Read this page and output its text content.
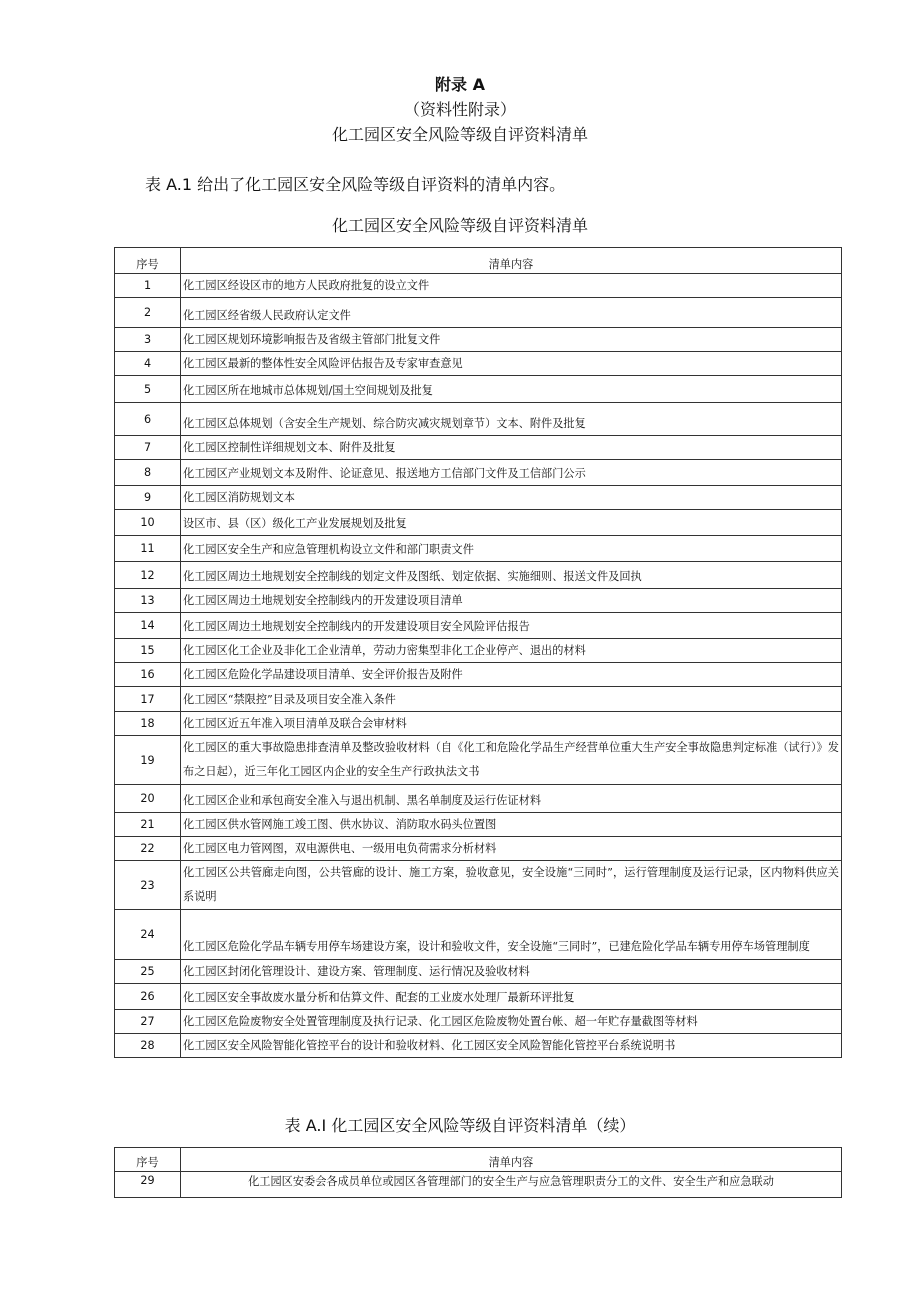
附录 A
（资料性附录）
化工园区安全风险等级自评资料清单
表 A.1 给出了化工园区安全风险等级自评资料的清单内容。
化工园区安全风险等级自评资料清单
序号	清单内容
1	化工园区经设区市的地方人民政府批复的设立文件
2	化工园区经省级人民政府认定文件
3	化工园区规划环境影响报告及省级主管部门批复文件
4	化工园区最新的整体性安全风险评估报告及专家审查意见
5	化工园区所在地城市总体规划/国土空间规划及批复
6	化工园区总体规划（含安全生产规划、综合防灾减灾规划章节）文本、附件及批复
7	化工园区控制性详细规划文本、附件及批复
8	化工园区产业规划文本及附件、论证意见、报送地方工信部门文件及工信部门公示
9	化工园区消防规划文本
10	设区市、县（区）级化工产业发展规划及批复
11	化工园区安全生产和应急管理机构设立文件和部门职责文件
12	化工园区周边土地规划安全控制线的划定文件及图纸、划定依据、实施细则、报送文件及回执
13	化工园区周边土地规划安全控制线内的开发建设项目清单
14	化工园区周边土地规划安全控制线内的开发建设项目安全风险评估报告
15	化工园区化工企业及非化工企业清单，劳动力密集型非化工企业停产、退出的材料
16	化工园区危险化学品建设项目清单、安全评价报告及附件
17	化工园区“禁限控”目录及项目安全准入条件
18	化工园区近五年准入项目清单及联合会审材料
19	化工园区的重大事故隐患排查清单及整改验收材料（自《化工和危险化学品生产经营单位重大生产安全事故隐患判定标准（试行）》发布之日起），近三年化工园区内企业的安全生产行政执法文书
20	化工园区企业和承包商安全准入与退出机制、黑名单制度及运行佐证材料
21	化工园区供水管网施工竣工图、供水协议、消防取水码头位置图
22	化工园区电力管网图，双电源供电、一级用电负荷需求分析材料
23	化工园区公共管廊走向图，公共管廊的设计、施工方案，验收意见，安全设施“三同时”，运行管理制度及运行记录，区内物料供应关系说明
24	化工园区危险化学品车辆专用停车场建设方案，设计和验收文件，安全设施“三同时”，已建危险化学品车辆专用停车场管理制度
25	化工园区封闭化管理设计、建设方案、管理制度、运行情况及验收材料
26	化工园区安全事故废水量分析和估算文件、配套的工业废水处理厂最新环评批复
27	化工园区危险废物安全处置管理制度及执行记录、化工园区危险废物处置台帐、超一年贮存量截图等材料
28	化工园区安全风险智能化管控平台的设计和验收材料、化工园区安全风险智能化管控平台系统说明书
表 A.I 化工园区安全风险等级自评资料清单（续）
序号	清单内容
29	化工园区安委会各成员单位或园区各管理部门的安全生产与应急管理职责分工的文件、安全生产和应急联动
